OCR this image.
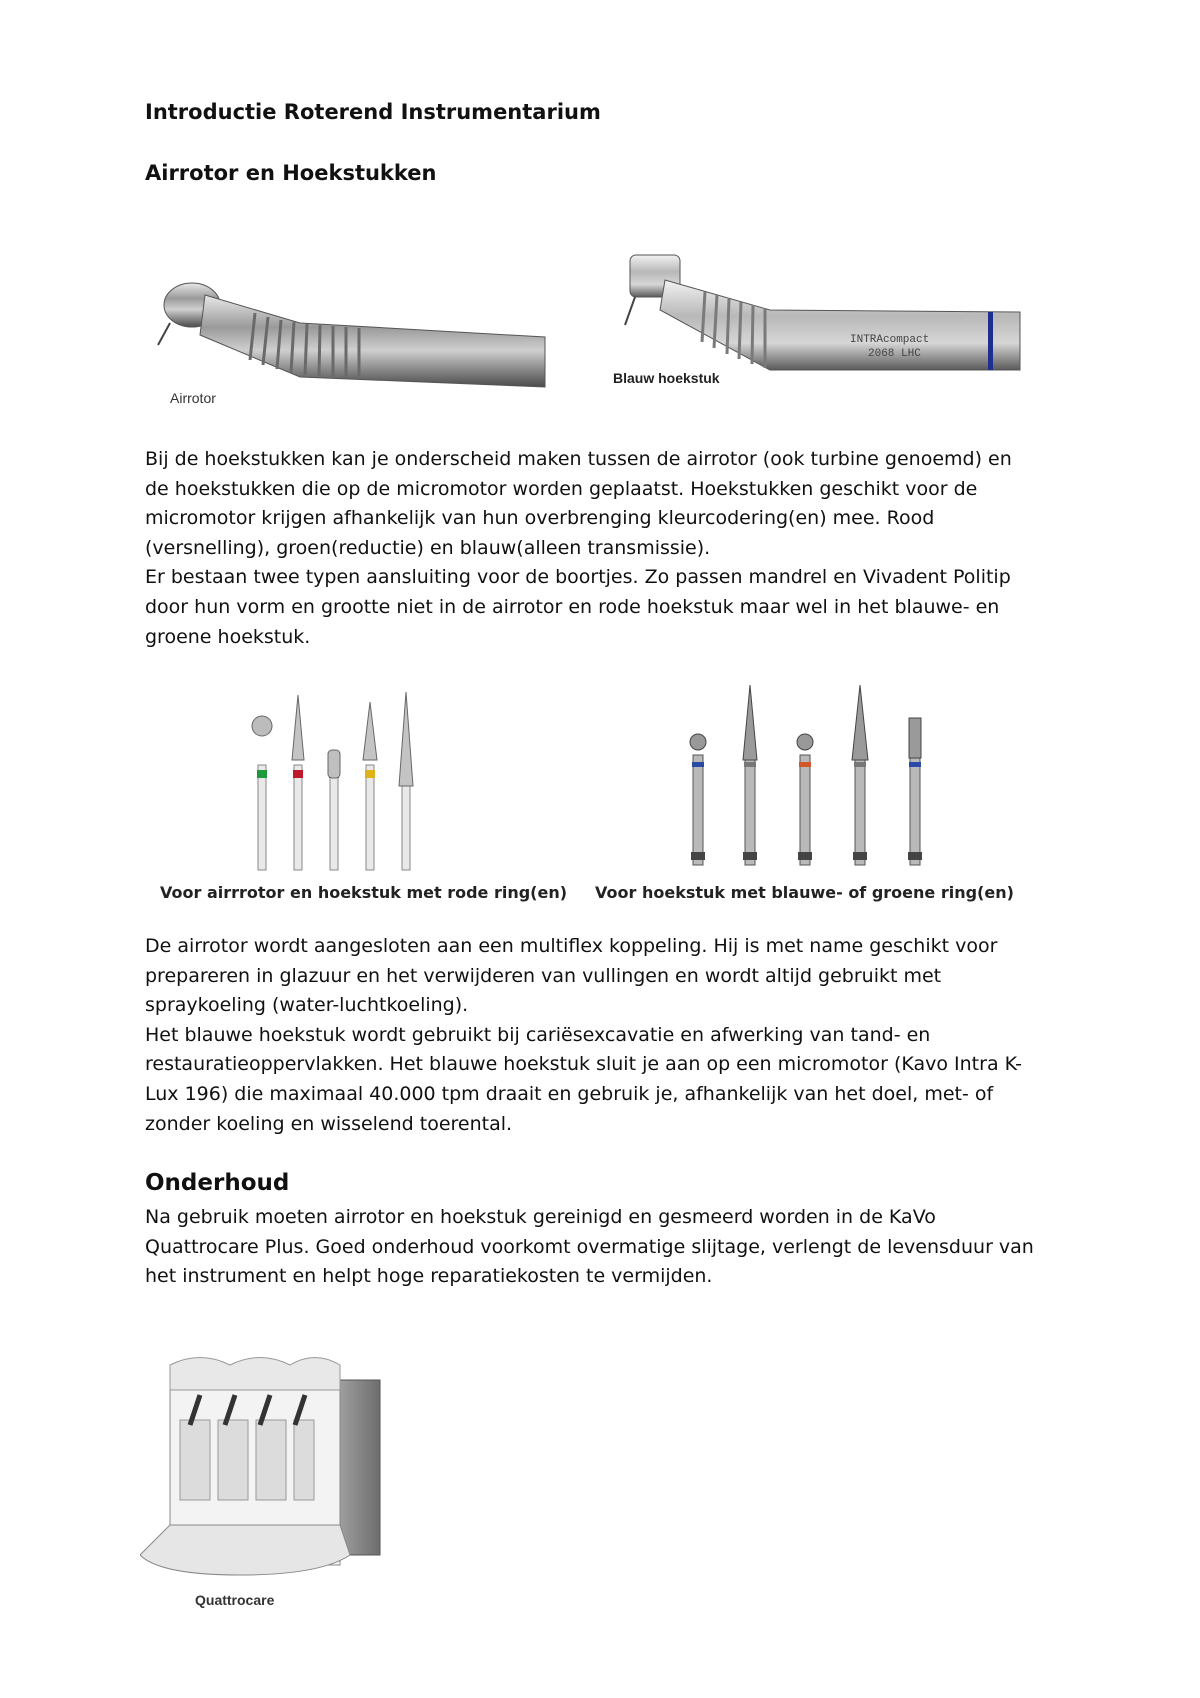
Introductie Roterend Instrumentarium
Airrotor en Hoekstukken
Airrotor
INTRAcompact
2068 LHC
Blauw hoekstuk

Bij de hoekstukken kan je onderscheid maken tussen de airrotor (ook turbine genoemd) en

de hoekstukken die op de micromotor worden geplaatst. Hoekstukken geschikt voor de

micromotor krijgen afhankelijk van hun overbrenging kleurcodering(en) mee. Rood

(versnelling), groen(reductie) en blauw(alleen transmissie).

Er bestaan twee typen aansluiting voor de boortjes. Zo passen mandrel en Vivadent Politip

door hun vorm en grootte niet in de airrotor en rode hoekstuk maar wel in het blauwe- en

groene hoekstuk.

Voor airrrotor en hoekstuk met rode ring(en) Voor hoekstuk met blauwe- of groene ring(en)

De airrotor wordt aangesloten aan een multiflex koppeling. Hij is met name geschikt voor

prepareren in glazuur en het verwijderen van vullingen en wordt altijd gebruikt met

spraykoeling (water-luchtkoeling).

Het blauwe hoekstuk wordt gebruikt bij cariësexcavatie en afwerking van tand- en

restauratieoppervlakken. Het blauwe hoekstuk sluit je aan op een micromotor (Kavo Intra K-

Lux 196) die maximaal 40.000 tpm draait en gebruik je, afhankelijk van het doel, met- of

zonder koeling en wisselend toerental.

Onderhoud

Na gebruik moeten airrotor en hoekstuk gereinigd en gesmeerd worden in de KaVo

Quattrocare Plus. Goed onderhoud voorkomt overmatige slijtage, verlengt de levensduur van

het instrument en helpt hoge reparatiekosten te vermijden.

Quattrocare
